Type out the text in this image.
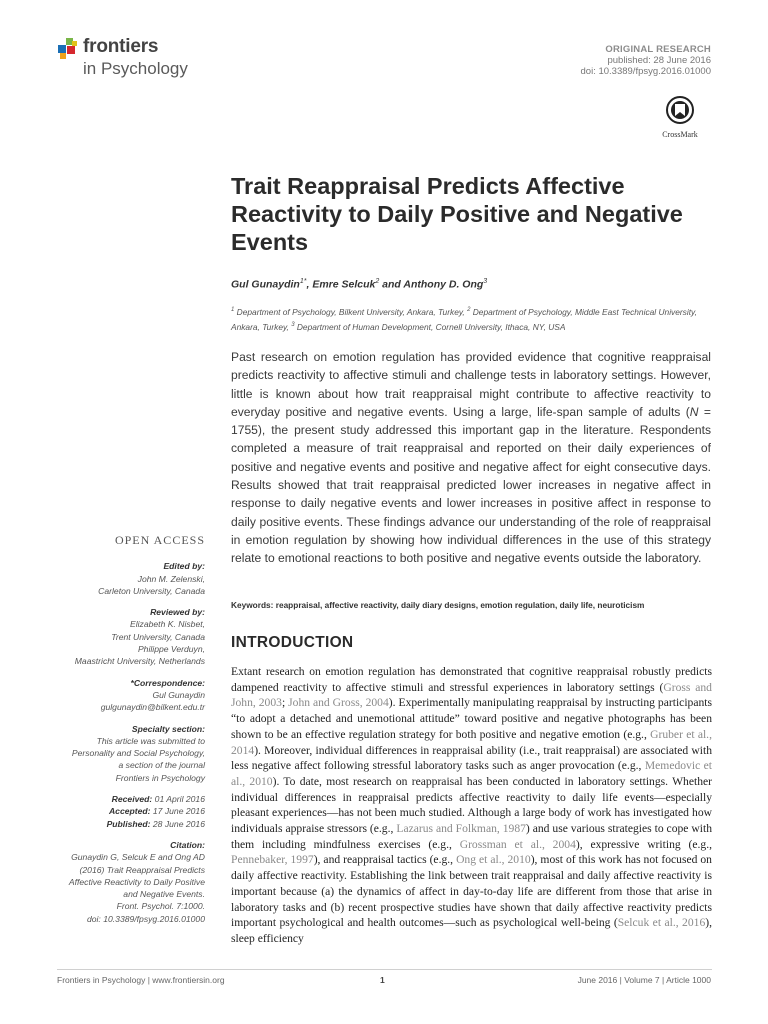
frontiers
in Psychology
ORIGINAL RESEARCH
published: 28 June 2016
doi: 10.3389/fpsyg.2016.01000
CrossMark
Trait Reappraisal Predicts Affective Reactivity to Daily Positive and Negative Events
Gul Gunaydin$^{1*}$, Emre Selcuk$^2$ and Anthony D. Ong$^3$
$^1$ Department of Psychology, Bilkent University, Ankara, Turkey, $^2$ Department of Psychology, Middle East Technical University, Ankara, Turkey, $^3$ Department of Human Development, Cornell University, Ithaca, NY, USA
Past research on emotion regulation has provided evidence that cognitive reappraisal predicts reactivity to affective stimuli and challenge tests in laboratory settings. However, little is known about how trait reappraisal might contribute to affective reactivity to everyday positive and negative events. Using a large, life-span sample of adults (N = 1755), the present study addressed this important gap in the literature. Respondents completed a measure of trait reappraisal and reported on their daily experiences of positive and negative events and positive and negative affect for eight consecutive days. Results showed that trait reappraisal predicted lower increases in negative affect in response to daily negative events and lower increases in positive affect in response to daily positive events. These findings advance our understanding of the role of reappraisal in emotion regulation by showing how individual differences in the use of this strategy relate to emotional reactions to both positive and negative events outside the laboratory.
Keywords: reappraisal, affective reactivity, daily diary designs, emotion regulation, daily life, neuroticism
OPEN ACCESS
Edited by:
John M. Zelenski,
Carleton University, Canada
Reviewed by:
Elizabeth K. Nisbet,
Trent University, Canada
Philippe Verduyn,
Maastricht University, Netherlands
*Correspondence:
Gul Gunaydin
gulgunaydin@bilkent.edu.tr
Specialty section:
This article was submitted to
Personality and Social Psychology,
a section of the journal
Frontiers in Psychology
Received: 01 April 2016
Accepted: 17 June 2016
Published: 28 June 2016
Citation:
Gunaydin G, Selcuk E and Ong AD
(2016) Trait Reappraisal Predicts
Affective Reactivity to Daily Positive
and Negative Events.
Front. Psychol. 7:1000.
doi: 10.3389/fpsyg.2016.01000
INTRODUCTION
Extant research on emotion regulation has demonstrated that cognitive reappraisal robustly predicts dampened reactivity to affective stimuli and stressful experiences in laboratory settings (Gross and John, 2003; John and Gross, 2004). Experimentally manipulating reappraisal by instructing participants “to adopt a detached and unemotional attitude” toward positive and negative photographs has been shown to be an effective regulation strategy for both positive and negative emotion (e.g., Gruber et al., 2014). Moreover, individual differences in reappraisal ability (i.e., trait reappraisal) are associated with less negative affect following stressful laboratory tasks such as anger provocation (e.g., Memedovic et al., 2010). To date, most research on reappraisal has been conducted in laboratory settings. Whether individual differences in reappraisal predicts affective reactivity to daily life events—especially pleasant experiences—has not been much studied. Although a large body of work has investigated how individuals appraise stressors (e.g., Lazarus and Folkman, 1987) and use various strategies to cope with them including mindfulness exercises (e.g., Grossman et al., 2004), expressive writing (e.g., Pennebaker, 1997), and reappraisal tactics (e.g., Ong et al., 2010), most of this work has not focused on daily affective reactivity. Establishing the link between trait reappraisal and daily affective reactivity is important because (a) the dynamics of affect in day-to-day life are different from those that arise in laboratory tasks and (b) recent prospective studies have shown that daily affective reactivity predicts important psychological and health outcomes—such as psychological well-being (Selcuk et al., 2016), sleep efficiency
Frontiers in Psychology | www.frontiersin.org	1	June 2016 | Volume 7 | Article 1000
